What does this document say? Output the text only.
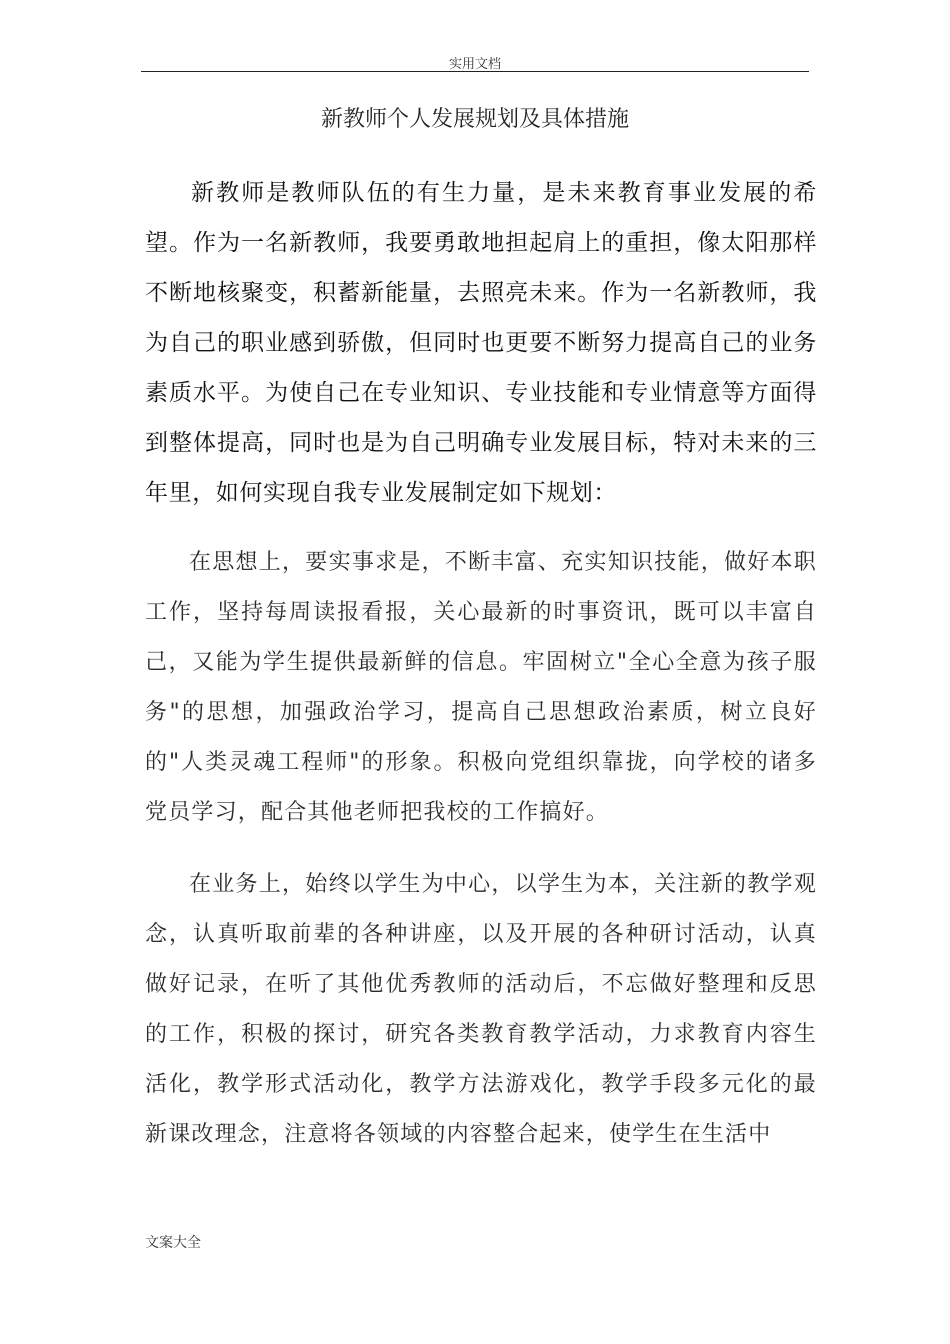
实用文档
新教师个人发展规划及具体措施

新教师是教师队伍的有生力量，是未来教育事业发展的希望。作为一名新教师，我要勇敢地担起肩上的重担，像太阳那样不断地核聚变，积蓄新能量，去照亮未来。作为一名新教师，我为自己的职业感到骄傲，但同时也更要不断努力提高自己的业务素质水平。为使自己在专业知识、专业技能和专业情意等方面得到整体提高，同时也是为自己明确专业发展目标，特对未来的三年里，如何实现自我专业发展制定如下规划：

在思想上，要实事求是，不断丰富、充实知识技能，做好本职工作，坚持每周读报看报，关心最新的时事资讯，既可以丰富自己，又能为学生提供最新鲜的信息。牢固树立"全心全意为孩子服务"的思想，加强政治学习，提高自己思想政治素质，树立良好的"人类灵魂工程师"的形象。积极向党组织靠拢，向学校的诸多党员学习，配合其他老师把我校的工作搞好。

在业务上，始终以学生为中心，以学生为本，关注新的教学观念，认真听取前辈的各种讲座，以及开展的各种研讨活动，认真做好记录，在听了其他优秀教师的活动后，不忘做好整理和反思的工作，积极的探讨，研究各类教育教学活动，力求教育内容生活化，教学形式活动化，教学方法游戏化，教学手段多元化的最新课改理念，注意将各领域的内容整合起来，使学生在生活中

文案大全
